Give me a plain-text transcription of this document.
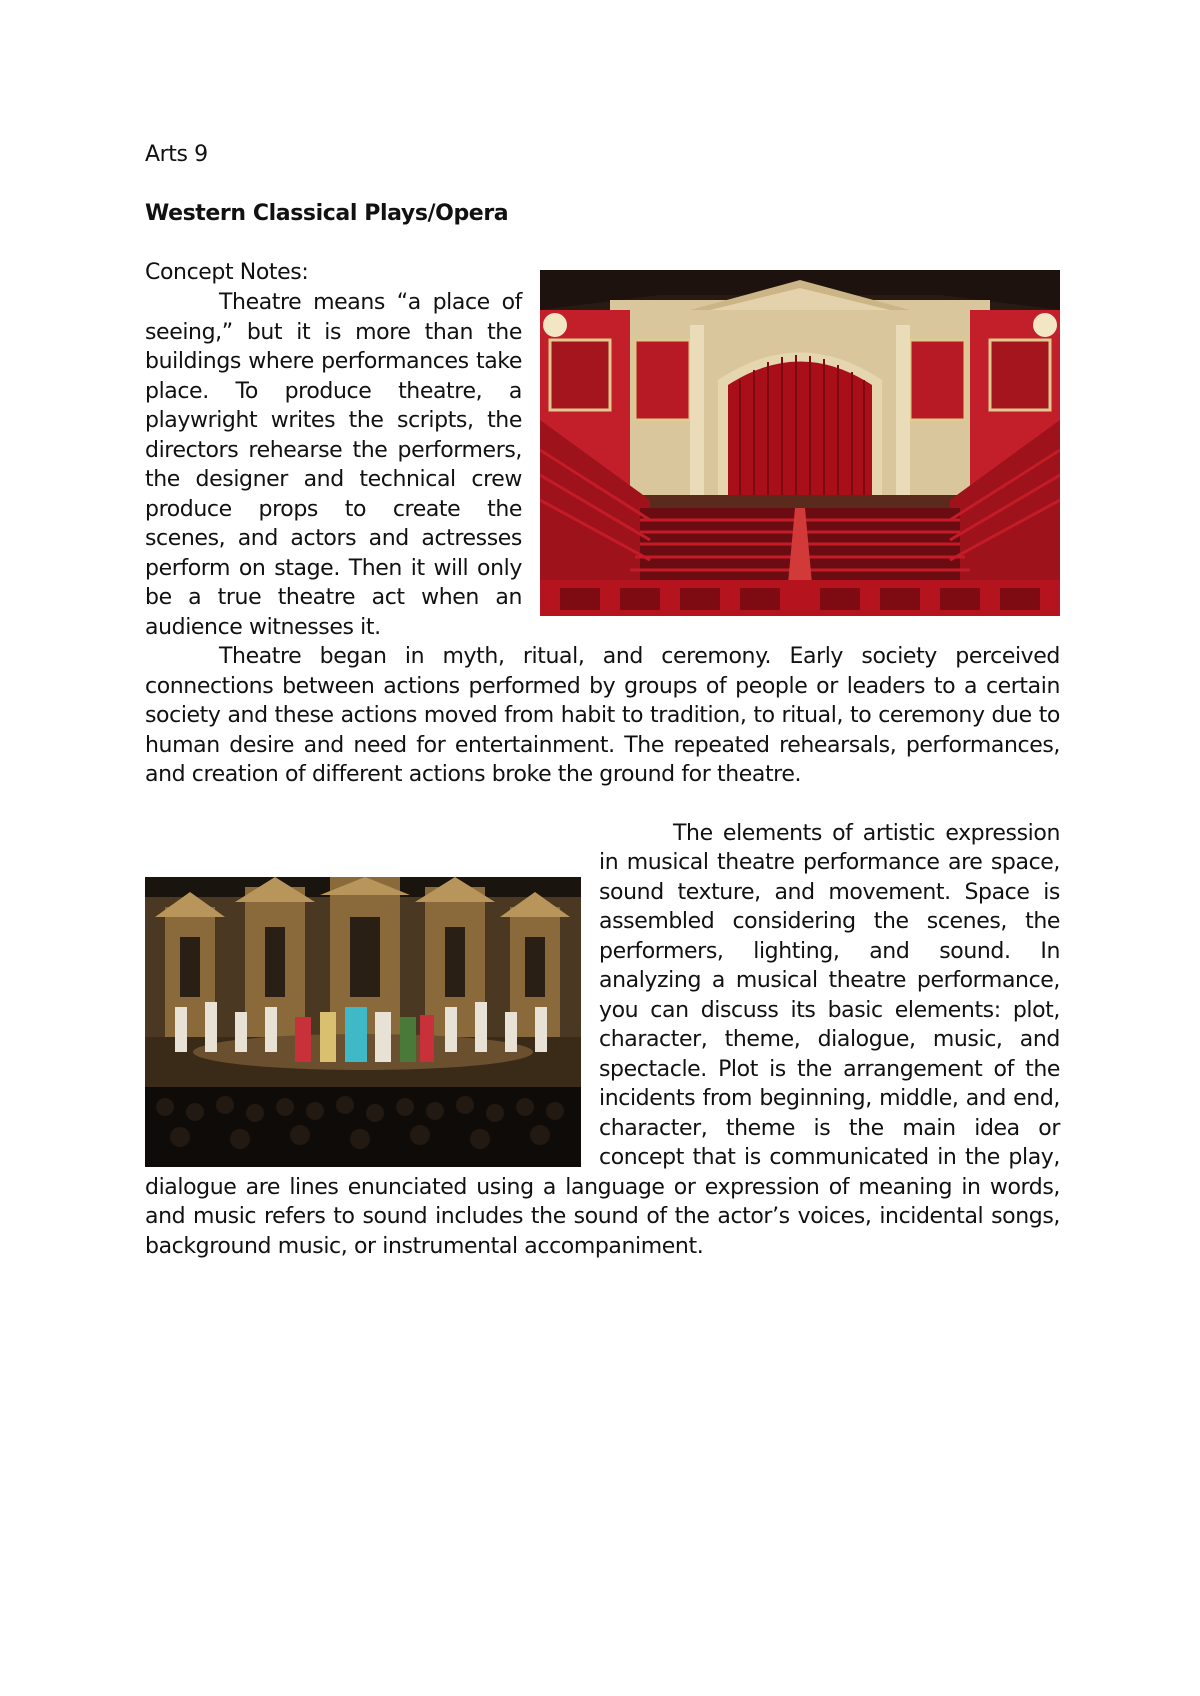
Arts 9
Western Classical Plays/Opera
Concept Notes:

Theatre means “a place of seeing,” but it is more than the buildings where performances take place. To produce theatre, a playwright writes the scripts, the directors rehearse the performers, the designer and technical crew produce props to create the scenes, and actors and actresses perform on stage. Then it will only be a true theatre act when an audience witnesses it.

Theatre began in myth, ritual, and ceremony. Early society perceived connections between actions performed by groups of people or leaders to a certain society and these actions moved from habit to tradition, to ritual, to ceremony due to human desire and need for entertainment. The repeated rehearsals, performances, and creation of different actions broke the ground for theatre.

The elements of artistic expression in musical theatre performance are space, sound texture, and movement. Space is assembled considering the scenes, the performers, lighting, and sound. In analyzing a musical theatre performance, you can discuss its basic elements: plot, character, theme, dialogue, music, and spectacle. Plot is the arrangement of the incidents from beginning, middle, and end, character, theme is the main idea or concept that is communicated in the play, dialogue are lines enunciated using a language or expression of meaning in words, and music refers to sound includes the sound of the actor’s voices, incidental songs, background music, or instrumental accompaniment.
